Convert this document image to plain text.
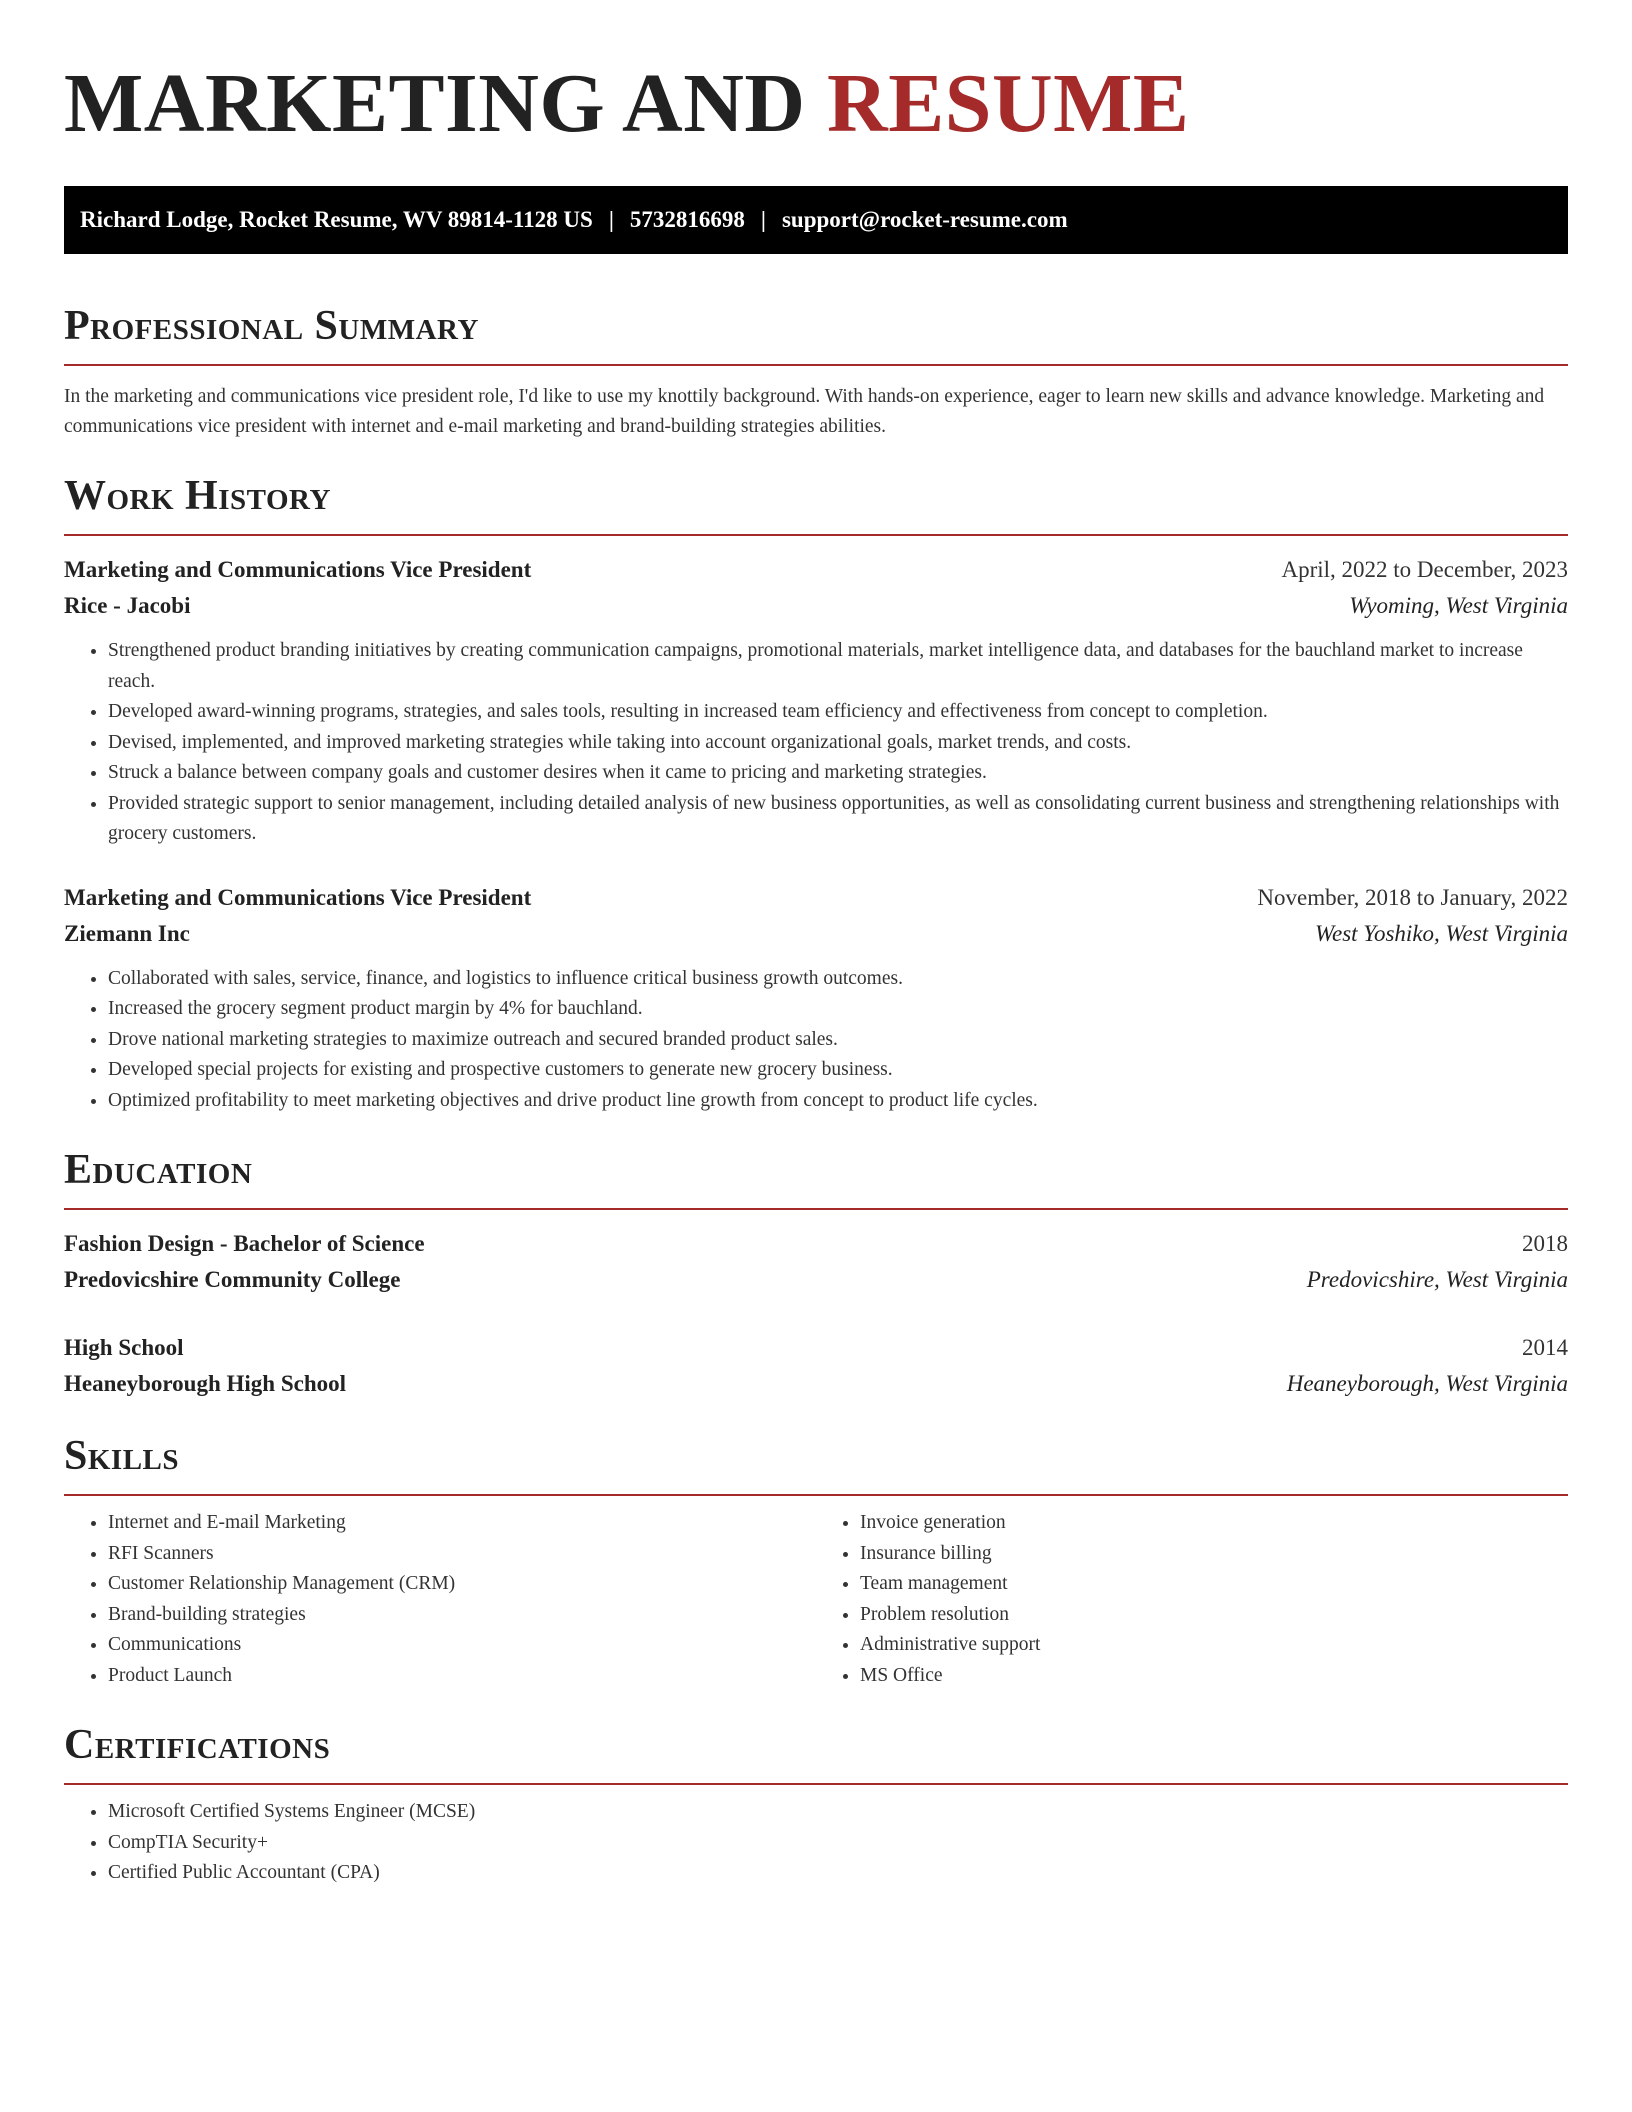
MARKETING AND RESUME
Richard Lodge, Rocket Resume, WV 89814-1128 US | 5732816698 | support@rocket-resume.com
Professional Summary

In the marketing and communications vice president role, I'd like to use my knottily background. With hands-on experience, eager to learn new skills and advance knowledge. Marketing and communications vice president with internet and e-mail marketing and brand-building strategies abilities.

Work History
Marketing and Communications Vice President	April, 2022 to December, 2023
Rice - Jacobi	Wyoming, West Virginia
• Strengthened product branding initiatives by creating communication campaigns, promotional materials, market intelligence data, and databases for the bauchland market to increase reach.
• Developed award-winning programs, strategies, and sales tools, resulting in increased team efficiency and effectiveness from concept to completion.
• Devised, implemented, and improved marketing strategies while taking into account organizational goals, market trends, and costs.
• Struck a balance between company goals and customer desires when it came to pricing and marketing strategies.
• Provided strategic support to senior management, including detailed analysis of new business opportunities, as well as consolidating current business and strengthening relationships with grocery customers.
Marketing and Communications Vice President	November, 2018 to January, 2022
Ziemann Inc	West Yoshiko, West Virginia
• Collaborated with sales, service, finance, and logistics to influence critical business growth outcomes.
• Increased the grocery segment product margin by 4% for bauchland.
• Drove national marketing strategies to maximize outreach and secured branded product sales.
• Developed special projects for existing and prospective customers to generate new grocery business.
• Optimized profitability to meet marketing objectives and drive product line growth from concept to product life cycles.
Education
Fashion Design - Bachelor of Science	2018
Predovicshire Community College	Predovicshire, West Virginia
High School	2014
Heaneyborough High School	Heaneyborough, West Virginia
Skills
• Internet and E-mail Marketing
• RFI Scanners
• Customer Relationship Management (CRM)
• Brand-building strategies
• Communications
• Product Launch
• Invoice generation
• Insurance billing
• Team management
• Problem resolution
• Administrative support
• MS Office
Certifications
• Microsoft Certified Systems Engineer (MCSE)
• CompTIA Security+
• Certified Public Accountant (CPA)
